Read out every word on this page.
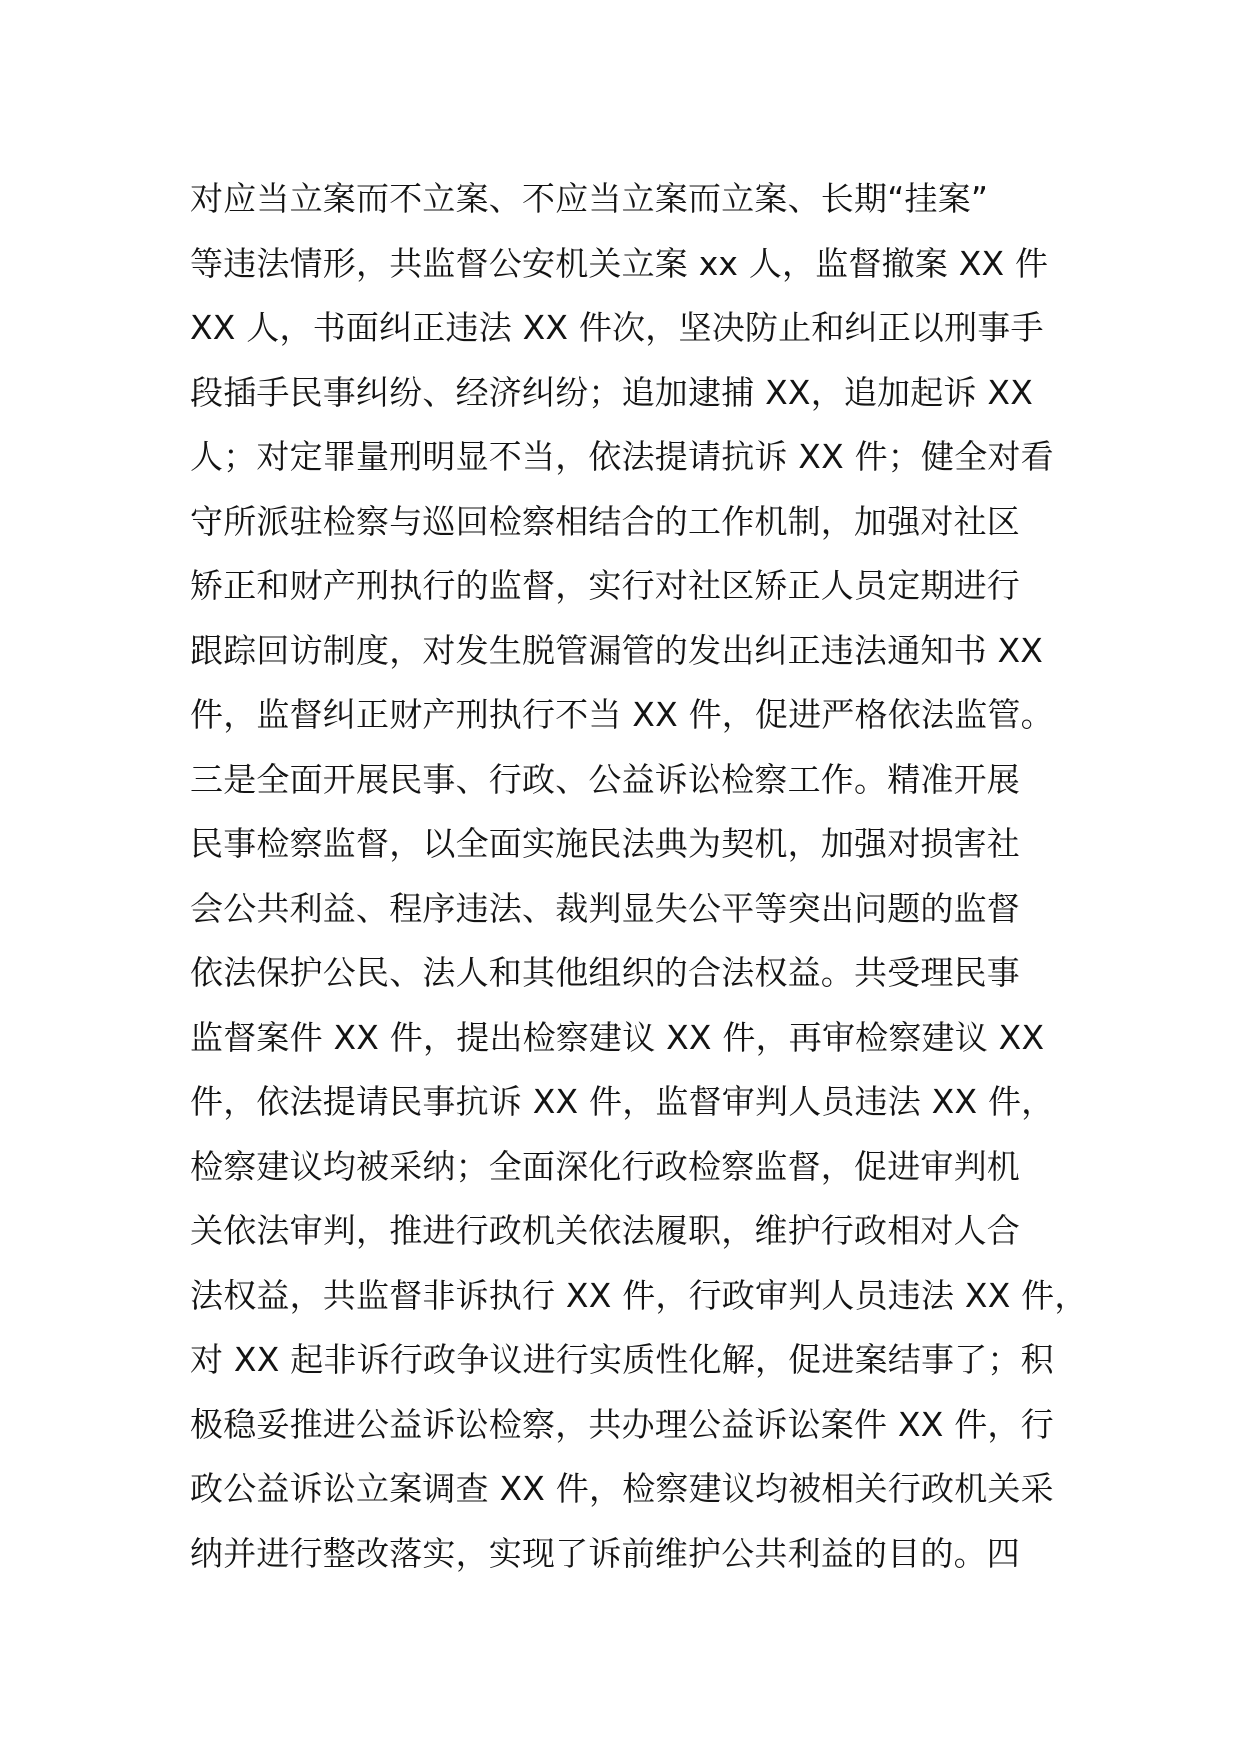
对应当立案而不立案、不应当立案而立案、长期“挂案”
等违法情形，共监督公安机关立案 xx 人，监督撤案 XX 件
XX 人，书面纠正违法 XX 件次，坚决防止和纠正以刑事手
段插手民事纠纷、经济纠纷；追加逮捕 XX，追加起诉 XX
人；对定罪量刑明显不当，依法提请抗诉 XX 件；健全对看
守所派驻检察与巡回检察相结合的工作机制，加强对社区
矫正和财产刑执行的监督，实行对社区矫正人员定期进行
跟踪回访制度，对发生脱管漏管的发出纠正违法通知书 XX
件，监督纠正财产刑执行不当 XX 件，促进严格依法监管。
三是全面开展民事、行政、公益诉讼检察工作。精准开展
民事检察监督，以全面实施民法典为契机，加强对损害社
会公共利益、程序违法、裁判显失公平等突出问题的监督
依法保护公民、法人和其他组织的合法权益。共受理民事
监督案件 XX 件，提出检察建议 XX 件，再审检察建议 XX
件，依法提请民事抗诉 XX 件，监督审判人员违法 XX 件，
检察建议均被采纳；全面深化行政检察监督，促进审判机
关依法审判，推进行政机关依法履职，维护行政相对人合
法权益，共监督非诉执行 XX 件，行政审判人员违法 XX 件，
对 XX 起非诉行政争议进行实质性化解，促进案结事了；积
极稳妥推进公益诉讼检察，共办理公益诉讼案件 XX 件，行
政公益诉讼立案调查 XX 件，检察建议均被相关行政机关采
纳并进行整改落实，实现了诉前维护公共利益的目的。四
